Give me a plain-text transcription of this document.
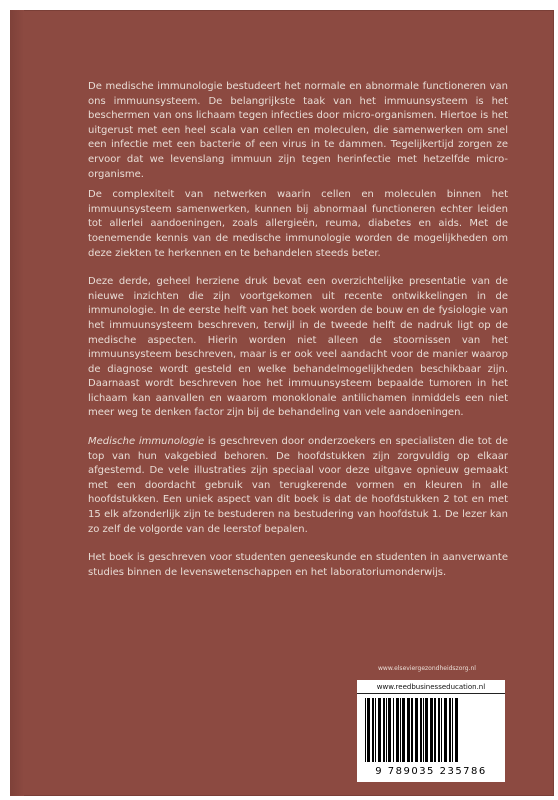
De medische immunologie bestudeert het normale en abnormale functioneren van ons immuunsysteem. De belangrijkste taak van het immuunsysteem is het beschermen van ons lichaam tegen infecties door micro-organismen. Hiertoe is het uitgerust met een heel scala van cellen en moleculen, die samenwerken om snel een infectie met een bacterie of een virus in te dammen. Tegelijkertijd zorgen ze ervoor dat we levenslang immuun zijn tegen herinfectie met hetzelfde micro-organisme.

De complexiteit van netwerken waarin cellen en moleculen binnen het immuunsysteem samenwerken, kunnen bij abnormaal functioneren echter leiden tot allerlei aandoeningen, zoals allergieën, reuma, diabetes en aids. Met de toenemende kennis van de medische immunologie worden de mogelijkheden om deze ziekten te herkennen en te behandelen steeds beter.

Deze derde, geheel herziene druk bevat een overzichtelijke presentatie van de nieuwe inzichten die zijn voortgekomen uit recente ontwikkelingen in de immunologie. In de eerste helft van het boek worden de bouw en de fysiologie van het immuunsysteem beschreven, terwijl in de tweede helft de nadruk ligt op de medische aspecten. Hierin worden niet alleen de stoornissen van het immuunsysteem beschreven, maar is er ook veel aandacht voor de manier waarop de diagnose wordt gesteld en welke behandelmogelijkheden beschikbaar zijn. Daarnaast wordt beschreven hoe het immuunsysteem bepaalde tumoren in het lichaam kan aanvallen en waarom monoklonale antilichamen inmiddels een niet meer weg te denken factor zijn bij de behandeling van vele aandoeningen.

Medische immunologie is geschreven door onderzoekers en specialisten die tot de top van hun vakgebied behoren. De hoofdstukken zijn zorgvuldig op elkaar afgestemd. De vele illustraties zijn speciaal voor deze uitgave opnieuw gemaakt met een doordacht gebruik van terugkerende vormen en kleuren in alle hoofdstukken. Een uniek aspect van dit boek is dat de hoofdstukken 2 tot en met 15 elk afzonderlijk zijn te bestuderen na bestudering van hoofdstuk 1. De lezer kan zo zelf de volgorde van de leerstof bepalen.

Het boek is geschreven voor studenten geneeskunde en studenten in aanverwante studies binnen de levenswetenschappen en het laboratoriumonderwijs.

www.elseviergezondheidszorg.nl
www.reedbusinesseducation.nl
9 789035 235786
